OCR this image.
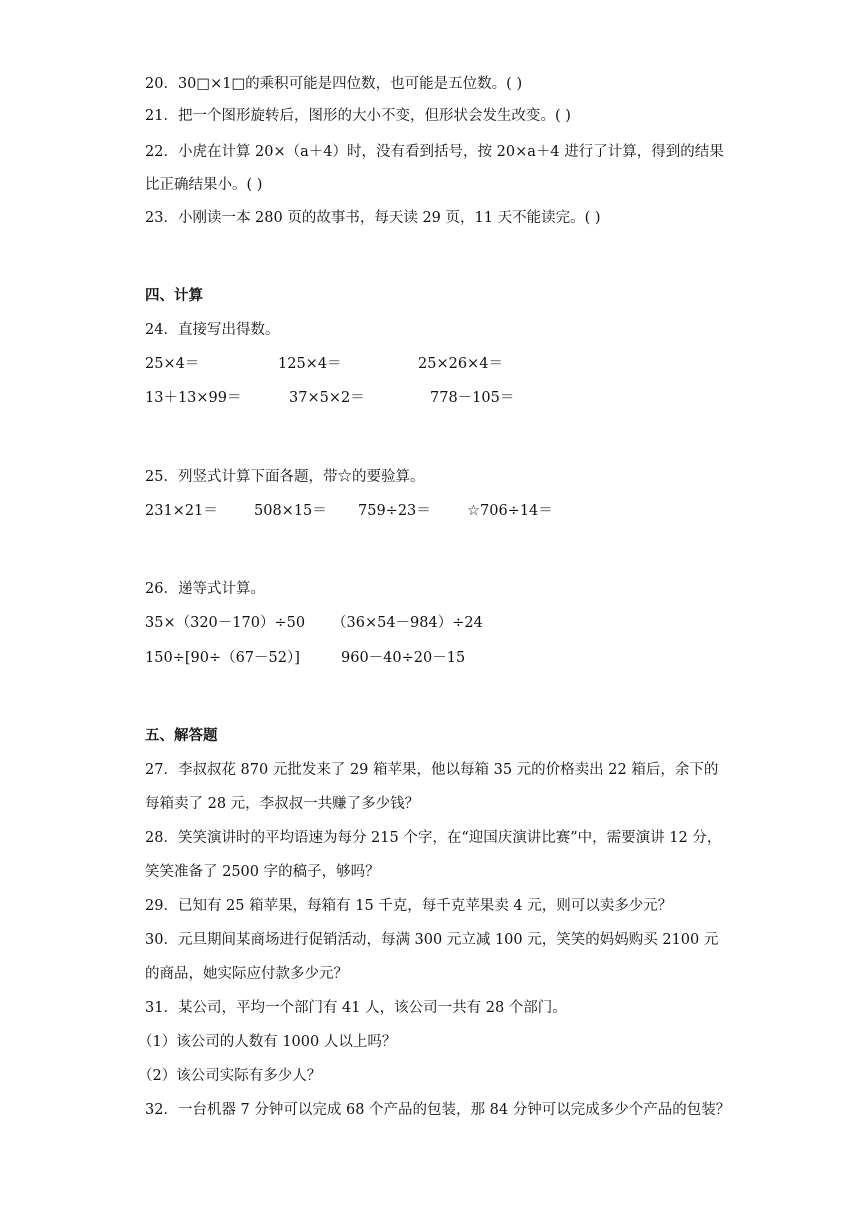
20．30□×1□的乘积可能是四位数，也可能是五位数。( )
21．把一个图形旋转后，图形的大小不变，但形状会发生改变。( )
22．小虎在计算 20×（a＋4）时，没有看到括号，按 20×a＋4 进行了计算，得到的结果
比正确结果小。( )
23．小刚读一本 280 页的故事书，每天读 29 页，11 天不能读完。( )
四、计算
24．直接写出得数。
25×4＝	125×4＝	25×26×4＝
13＋13×99＝	37×5×2＝	778－105＝
25．列竖式计算下面各题，带☆的要验算。
231×21＝ 508×15＝ 759÷23＝ ☆706÷14＝
26．递等式计算。
35×（320－170）÷50 （36×54－984）÷24
150÷[90÷（67－52）]	960－40÷20－15
五、解答题
27．李叔叔花 870 元批发来了 29 箱苹果，他以每箱 35 元的价格卖出 22 箱后，余下的
每箱卖了 28 元，李叔叔一共赚了多少钱？
28．笑笑演讲时的平均语速为每分 215 个字，在“迎国庆演讲比赛”中，需要演讲 12 分，
笑笑准备了 2500 字的稿子，够吗？
29．已知有 25 箱苹果，每箱有 15 千克，每千克苹果卖 4 元，则可以卖多少元？
30．元旦期间某商场进行促销活动，每满 300 元立减 100 元，笑笑的妈妈购买 2100 元
的商品，她实际应付款多少元？
31．某公司，平均一个部门有 41 人，该公司一共有 28 个部门。
（1）该公司的人数有 1000 人以上吗？
（2）该公司实际有多少人？
32．一台机器 7 分钟可以完成 68 个产品的包装，那 84 分钟可以完成多少个产品的包装？
